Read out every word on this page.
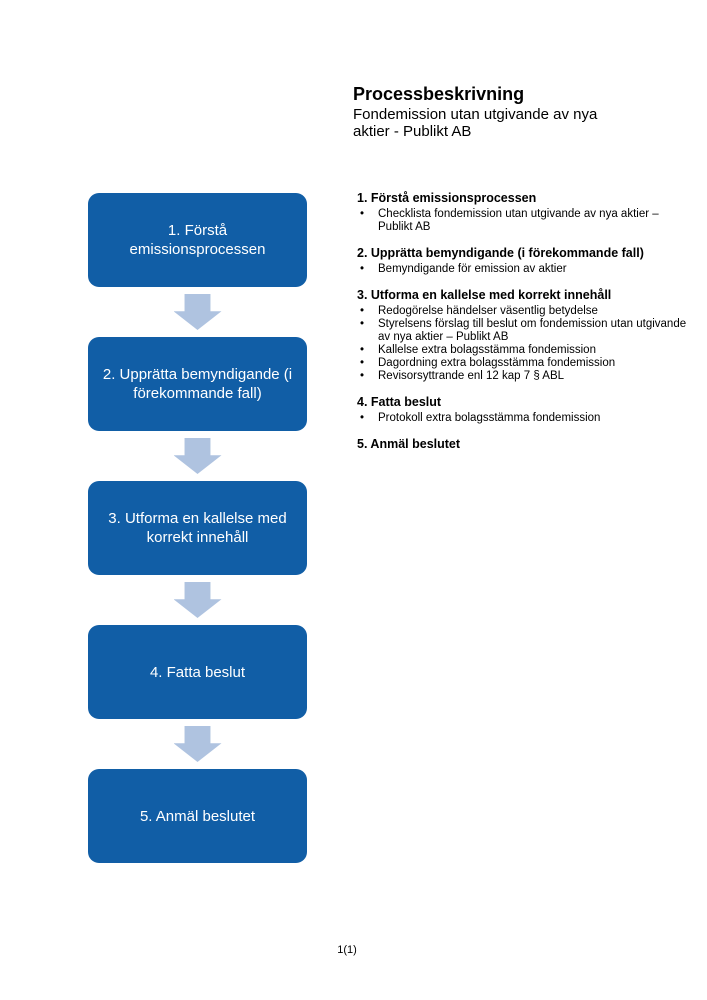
Processbeskrivning

Fondemission utan utgivande av nya aktier - Publikt AB

1. Förstå emissionsprocessen
2. Upprätta bemyndigande (i förekommande fall)
3. Utforma en kallelse med korrekt innehåll
4. Fatta beslut
5. Anmäl beslutet
1. Förstå emissionsprocessen
• Checklista fondemission utan utgivande av nya aktier – Publikt AB
2. Upprätta bemyndigande (i förekommande fall)
• Bemyndigande för emission av aktier
3. Utforma en kallelse med korrekt innehåll
• Redogörelse händelser väsentlig betydelse
• Styrelsens förslag till beslut om fondemission utan utgivande av nya aktier – Publikt AB
• Kallelse extra bolagsstämma fondemission
• Dagordning extra bolagsstämma fondemission
• Revisorsyttrande enl 12 kap 7 § ABL
4. Fatta beslut
• Protokoll extra bolagsstämma fondemission
5. Anmäl beslutet
1(1)
